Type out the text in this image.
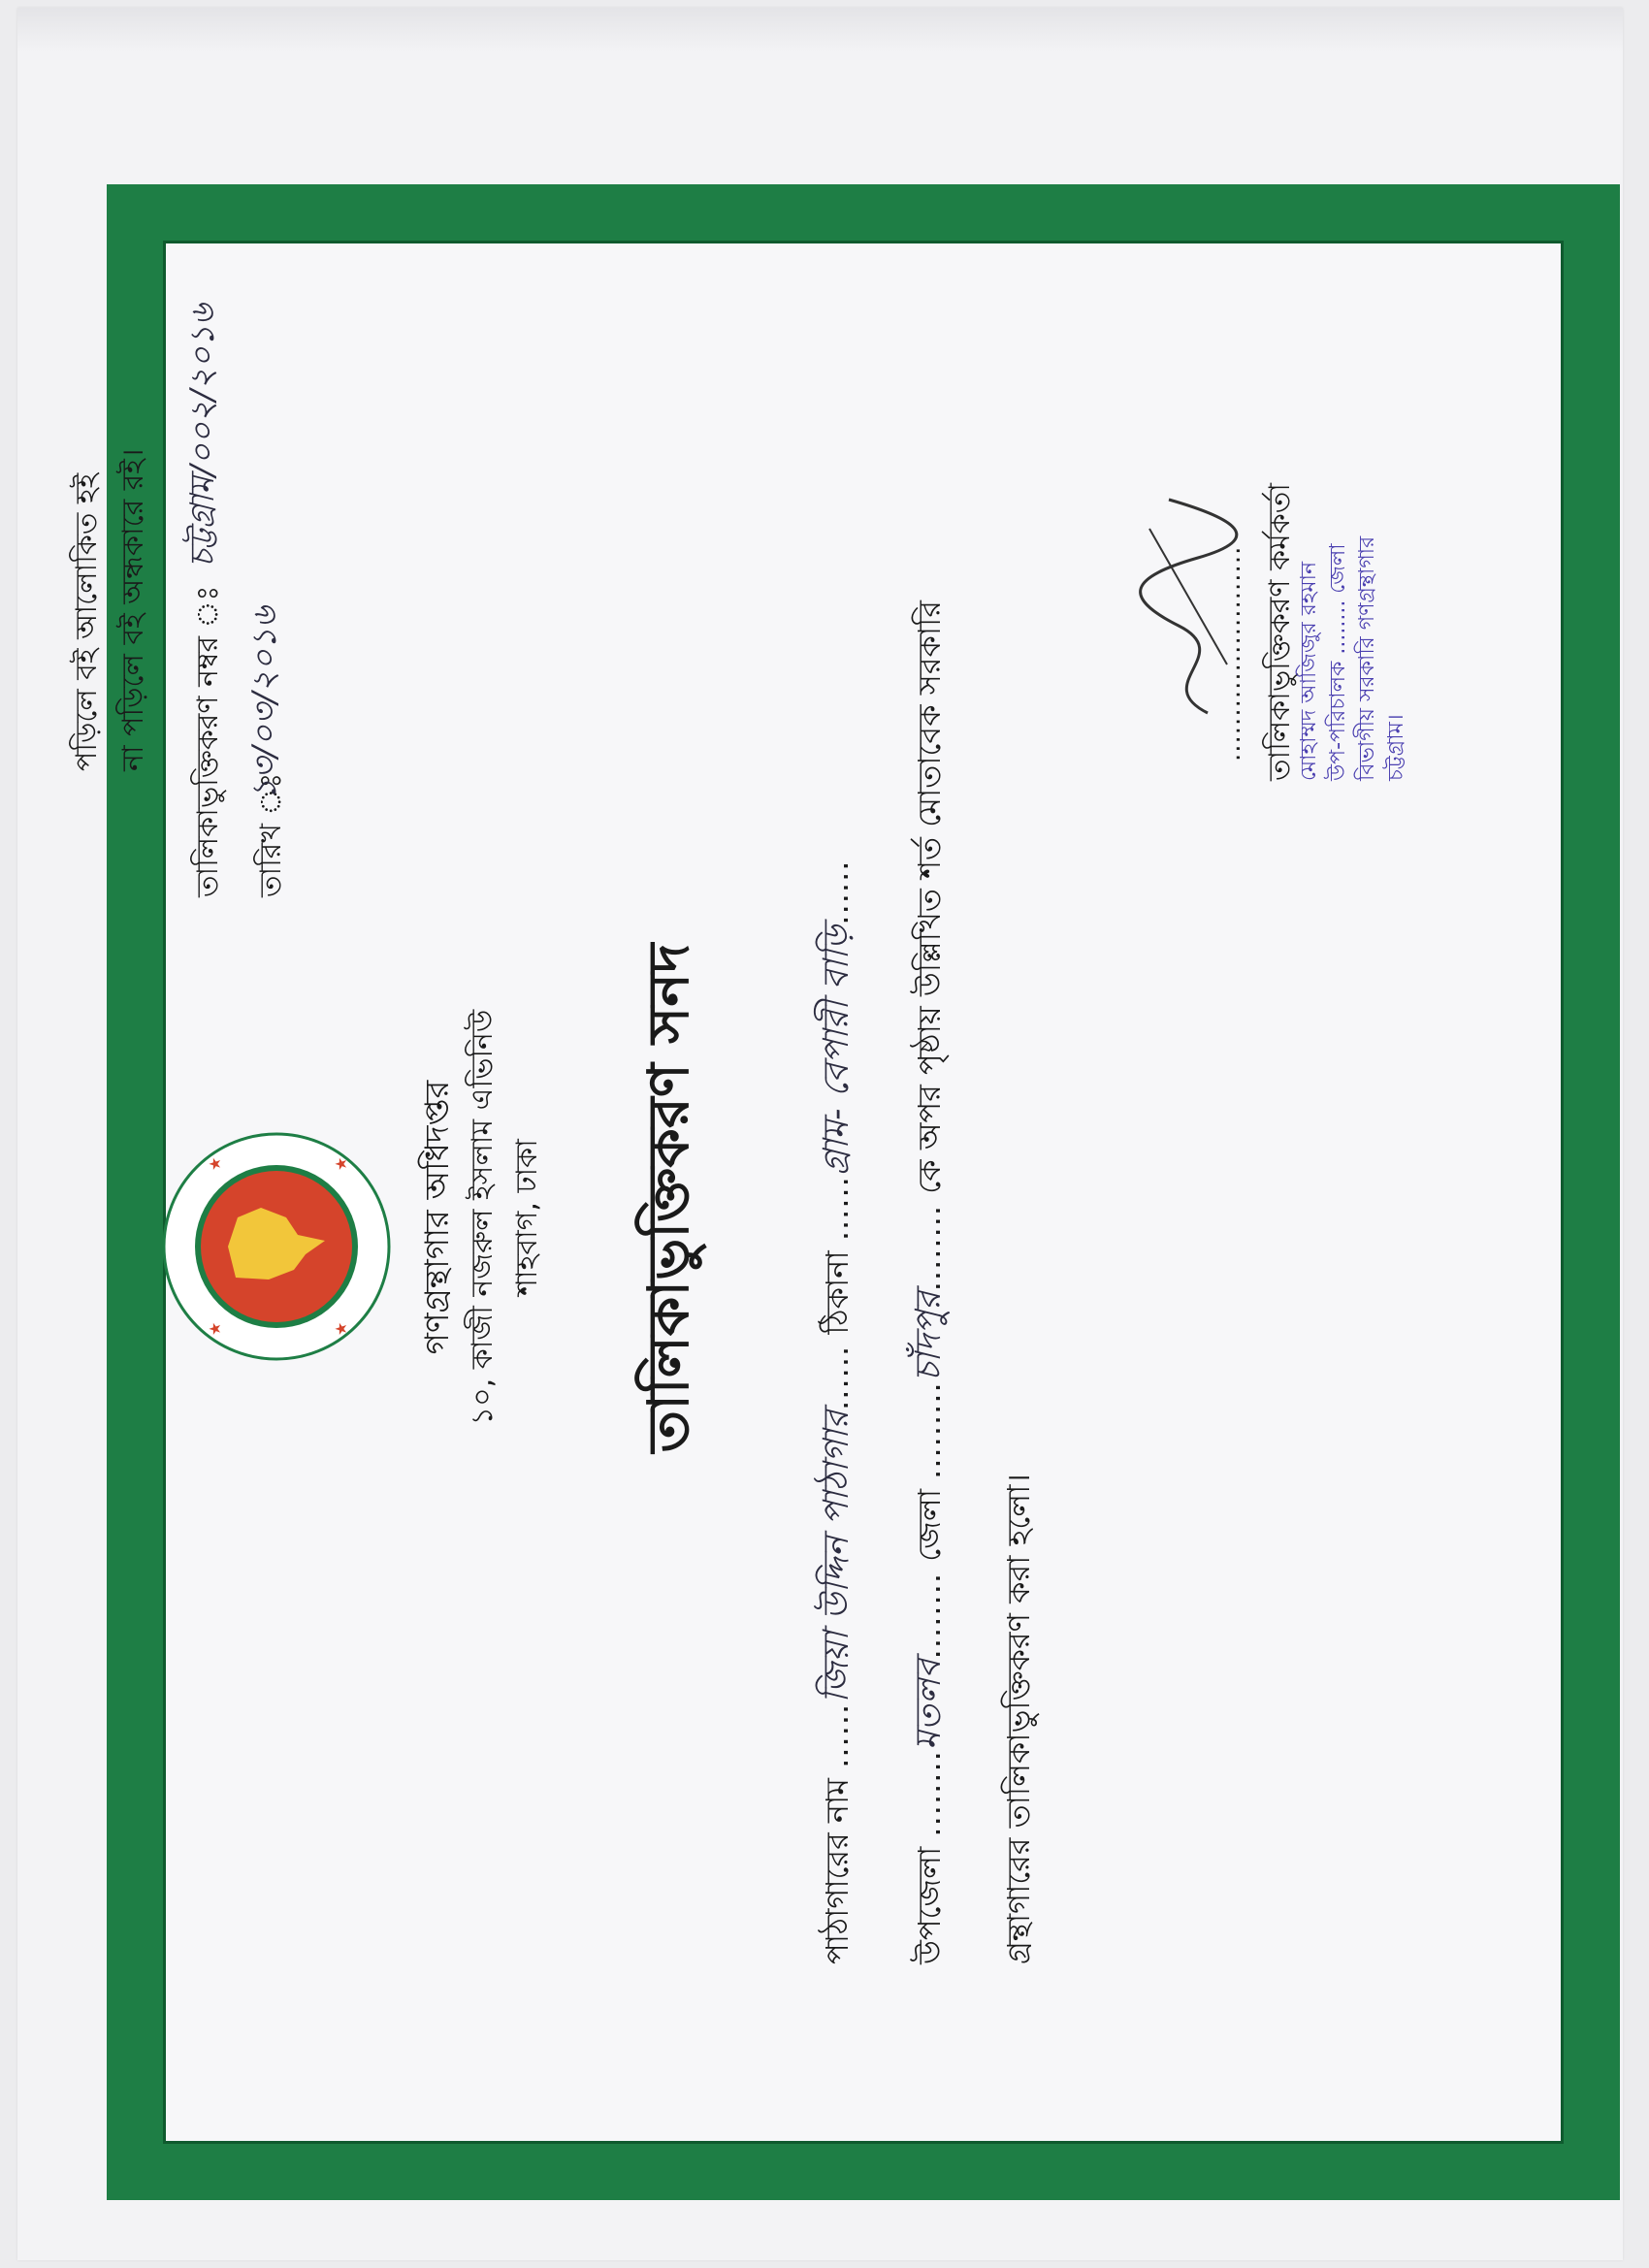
পড়িলে বই আলোকিত হই না পড়িলে বই অন্ধকারে রই।	তালিকাভুক্তিকরণ নম্বর ঃ
চট্টগ্রাম/০০২/২০১৬
তারিখ ঃ
১৩/০৩/২০১৬
★
★
★
★ গণগ্রন্থাগার অধিদপ্তর ১০, কাজী নজরুল ইসলাম এভিনিউ শাহবাগ, ঢাকা তালিকাভুক্তিকরণ সনদ
পাঠাগারের নাম ......জিয়া উদ্দিন পাঠাগার...... ঠিকানা ......গ্রাম- বেপারী বাড়ি......
উপজেলা ........মতলব........ জেলা .........চাঁদপুর........ কে অপর পৃষ্ঠায় উল্লিখিত শর্ত মোতাবেক সরকারি
গ্রন্থাগারের তালিকাভুক্তিকরণ করা হলো।
........................ তালিকাভুক্তিকরণ কর্মকর্তা মোহাম্মদ আজিজুর রহমান উপ-পরিচালক ........ জেলা বিভাগীয় সরকারি গণগ্রন্থাগার চট্টগ্রাম।
